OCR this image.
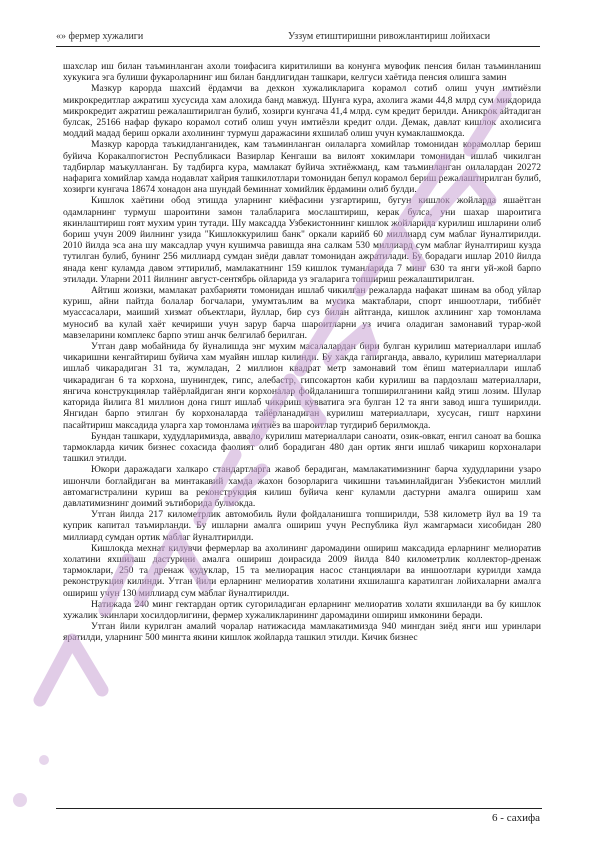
«» фермер хужалиги	Уззум етиштиришни ривожлантириш лойихаси

шахслар иш билан таъминланган ахоли тоифасига киритилиши ва конунга мувофик пенсия билан таъминланиш хукукига эга булиши фукароларнинг иш билан бандлигидан ташкари, келгуси хаётида пенсия олишга замин

Мазкур карорда шахсий ёрдамчи ва дехкон хужаликларига кoрамол сотиб олиш учун имтиёзли микрокредитлар ажратиш хусусида хам алохида банд мавжуд. Шунга кура, ахолига жами 44,8 млрд сум микдорида микрокредит ажратиш режалаштирилган булиб, хозирги кунгача 41,4 млрд. сум кредит берилди. Аникрок айтадиган булсак, 25166 нафар фукаро корамол сотиб олиш учун имтиёзли кредит олди. Демак, давлат кишлок ахолисига моддий мадад бериш оркали ахолининг турмуш даражасини яхшилаб олиш учун кумаклашмокда.

Мазкур карорда таъкидланганидек, кам таъминланган оилаларга хомийлар томонидан корамоллар бериш буйича Коракалпогистон Республикаси Вазирлар Кенгаши ва вилоят хокимлари томонидан ишлаб чикилган тадбирлар маъкулланган. Бу тадбирга кура, мамлакат буйича эхтиёжманд, кам таъминланган оилалардан 20272 нафарига хомийлар хамда нодавлат хайрия ташкилотлари томонидан бепул корамол бериш режалаштирилган булиб, хозирги кунгача 18674 хонадон ана шундай беминнат хомийлик ёрдамини олиб булди.

Кишлок хаётини обод этишда уларнинг киёфасини узгартириш, бугун кишлок жойларда яшаётган одамларнинг турмуш шароитини замон талабларига мослаштириш, керак булса, уни шахар шароитига якинлаштириш гоят мухим урин тутади. Шу максадда Узбекистоннинг кишлок жойларида курилиш ишларини олиб бориш учун 2009 йилнинг узида "Кишлоккурилиш банк" оркали карийб 60 миллиард сум маблаг йуналтирилди. 2010 йилда эса ана шу максадлар учун кушимча равишда яна салкам 530 миллиард сум маблаг йуналтириш кузда тутилган булиб, бунинг 256 миллиард сумдан зиёди давлат томонидан ажратилади. Бу борадаги ишлар 2010 йилда янада кенг куламда давом эттирилиб, мамлакатнинг 159 кишлок туманларида 7 минг 630 та янги уй-жой барпо этилади. Уларни 2011 йилнинг август-сентябрь ойларида уз эгаларига топшириш режалаштирилган.

Айтиш жоизки, мамлакат рахбарияти томонидан ишлаб чикилган режаларда нафакат шинам ва обод уйлар куриш, айни пайтда болалар богчалари, умумтаълим ва мусика мактаблари, спорт иншоотлари, тиббиёт муассасалари, маиший хизмат объектлари, йуллар, бир суз билан айтганда, кишлок ахлининг хар томонлама муносиб ва кулай хаёт кечириши учун зарур барча шароитларни уз ичига оладиган замонавий турар-жой мавзеларини комплекс барпо этиш анчк белгилаб берилган.

Утган давр мобайнида бу йуналишда энг мухим масалалардан бири булган курилиш материаллари ишлаб чикаришни кенгайтириш буйича хам муайян ишлар килинди. Бу хакда гапирганда, аввало, курилиш материаллари ишлаб чикарадиган 31 та, жумладан, 2 миллион квадрат метр замонавий том ёпиш материаллари ишлаб чикарадиган 6 та корхона, шунингдек, гипс, алебастр, гипсокартон каби курилиш ва пардозлаш материаллари, янгича конструкциялар тайёрлайдиган янги корхоналар фойдаланишга топширилганини кайд этиш лозим. Шулар каторида йилига 81 миллион дона гишт ишлаб чикариш кувватига эга булган 12 та янги завод ишга туширилди. Янгидан барпо этилган бу корхоналарда тайёрланадиган курилиш материаллари, хусусан, гишт нархини пасайтириш максадида уларга хар томонлама имтиёз ва шароитлар тугдириб берилмокда.

Бундан ташкари, худудларимизда, аввало, курилиш материаллари саноати, озик-овкат, енгил саноат ва бошка тармокларда кичик бизнес сохасида фаолият олиб борадиган 480 дан ортик янги ишлаб чикариш корхоналари ташкил этилди.

Юкори даражадаги халкаро стандартларга жавоб берадиган, мамлакатимизнинг барча худудларини узаро ишончли боглайдиган ва минтакавий хамда жахон бозорларига чикишни таъминлайдиган Узбекистон миллий автомагистралини куриш ва реконструкция килиш буйича кенг куламли дастурни амалга ошириш хам давлатимизнинг доимий эътиборида булмокда.

Утган йилда 217 километрлик автомобиль йули фойдаланишга топширилди, 538 километр йул ва 19 та куприк капитал таъмирланди. Бу ишларни амалга ошириш учун Республика йул жамгармаси хисобидан 280 миллиард сумдан ортик маблаг йуналтирилди.

Кишлокда мехнат килувчи фермерлар ва ахолининг даромадини ошириш максадида ерларнинг мелиоратив холатини яхшилаш дастурини амалга ошириш доирасида 2009 йилда 840 километрлик коллектор-дренаж тармоклари, 250 та дренаж кудуклар, 15 та мелиорация насос станциялари ва иншоотлари курилди хамда реконструкция килинди. Утган йили ерларнинг мелиоратив холатини яхшилашга каратилган лойихаларни амалга ошириш учун 130 миллиард сум маблаг йуналтирилди.

Натижада 240 минг гектардан ортик сугориладиган ерларнинг мелиоратив холати яхшиланди ва бу кишлок хужалик экинлари хосилдорлигини, фермер хужаликларининг даромадини ошириш имконини беради.

Утган йили курилган амалий чоралар натижасида мамлакатимизда 940 мингдан зиёд янги иш уринлари яратилди, уларнинг 500 мингта якини кишлок жойларда ташкил этилди. Кичик бизнес

6 - сахифа
